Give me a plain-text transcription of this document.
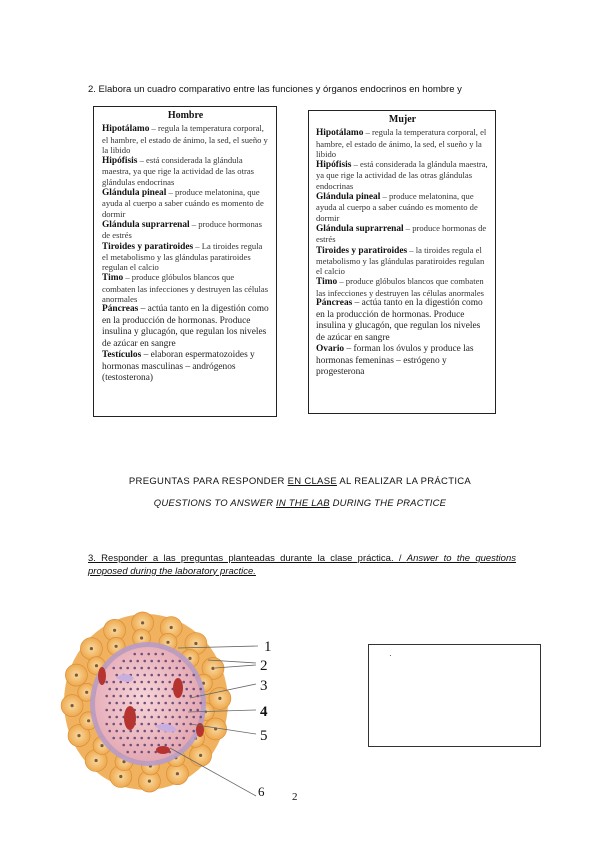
2. Elabora un cuadro comparativo entre las funciones y órganos endocrinos en hombre y
Hombre

Hipotálamo – regula la temperatura corporal, el hambre, el estado de ánimo, la sed, el sueño y la libido

Hipófisis – está considerada la glándula maestra, ya que rige la actividad de las otras glándulas endocrinas

Glándula pineal – produce melatonina, que ayuda al cuerpo a saber cuándo es momento de dormir

Glándula suprarrenal – produce hormonas de estrés

Tiroides y paratiroides – La tiroides regula el metabolismo y las glándulas paratiroides regulan el calcio

Timo – produce glóbulos blancos que combaten las infecciones y destruyen las células anormales

Páncreas – actúa tanto en la digestión como en la producción de hormonas. Produce insulina y glucagón, que regulan los niveles de azúcar en sangre

Testículos – elaboran espermatozoides y hormonas masculinas – andrógenos (testosterona)

Mujer

Hipotálamo – regula la temperatura corporal, el hambre, el estado de ánimo, la sed, el sueño y la libido

Hipófisis – está considerada la glándula maestra, ya que rige la actividad de las otras glándulas endocrinas

Glándula pineal – produce melatonina, que ayuda al cuerpo a saber cuándo es momento de dormir

Glándula suprarrenal – produce hormonas de estrés

Tiroides y paratiroides – la tiroides regula el metabolismo y las glándulas paratiroides regulan el calcio

Timo – produce glóbulos blancos que combaten las infecciones y destruyen las células anormales

Páncreas – actúa tanto en la digestión como en la producción de hormonas. Produce insulina y glucagón, que regulan los niveles de azúcar en sangre

Ovario – forman los óvulos y produce las hormonas femeninas – estrógeno y progesterona

PREGUNTAS PARA RESPONDER EN CLASE AL REALIZAR LA PRÁCTICA
QUESTIONS TO ANSWER IN THE LAB DURING THE PRACTICE
3. Responder a las preguntas planteadas durante la clase práctica. / Answer to the questions proposed during the laboratory practice.
1
2
3
4
5
6
·
2
